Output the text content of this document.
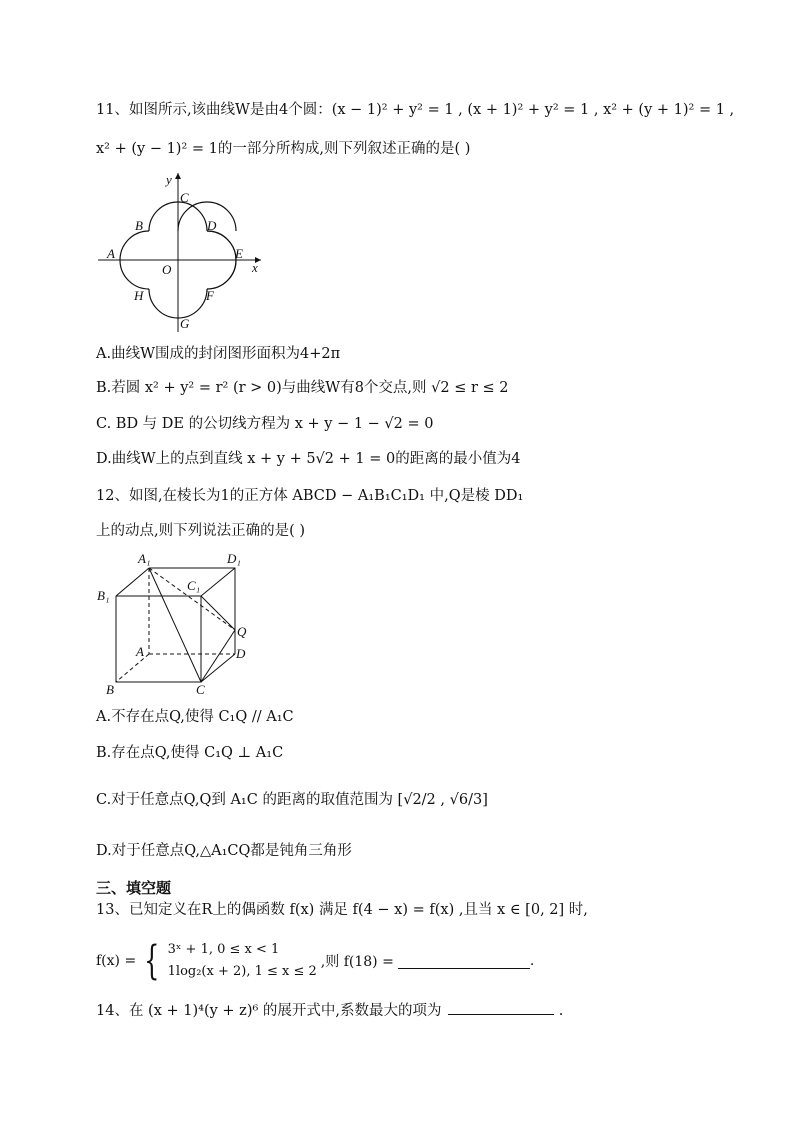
11、如图所示,该曲线W是由4个圆：(x − 1)² + y² = 1 , (x + 1)² + y² = 1 , x² + (y + 1)² = 1 ,
x² + (y − 1)² = 1的一部分所构成,则下列叙述正确的是( )
y
x
O
A
B
C
D
E
F
G
H
A.曲线W围成的封闭图形面积为4+2π
B.若圆 x² + y² = r² (r > 0)与曲线W有8个交点,则 √2 ≤ r ≤ 2
C. BD 与 DE 的公切线方程为 x + y − 1 − √2 = 0
D.曲线W上的点到直线 x + y + 5√2 + 1 = 0的距离的最小值为4
12、如图,在棱长为1的正方体 ABCD − A₁B₁C₁D₁ 中,Q是棱 DD₁
上的动点,则下列说法正确的是( )
A₁	D₁
B₁
C₁
Q
D
A
B	C
A.不存在点Q,使得 C₁Q // A₁C
B.存在点Q,使得 C₁Q ⊥ A₁C
C.对于任意点Q,Q到 A₁C 的距离的取值范围为 [√2/2 , √6/3]
D.对于任意点Q,△A₁CQ都是钝角三角形
三、填空题
13、已知定义在R上的偶函数 f(x) 满足 f(4 − x) = f(x) ,且当 x ∈ [0, 2] 时,
f(x) = { 3ˣ + 1, 0 ≤ x < 1
1log₂(x + 2), 1 ≤ x ≤ 2
,则 f(18) =	.
14、在 (x + 1)⁴(y + z)⁶ 的展开式中,系数最大的项为	.
